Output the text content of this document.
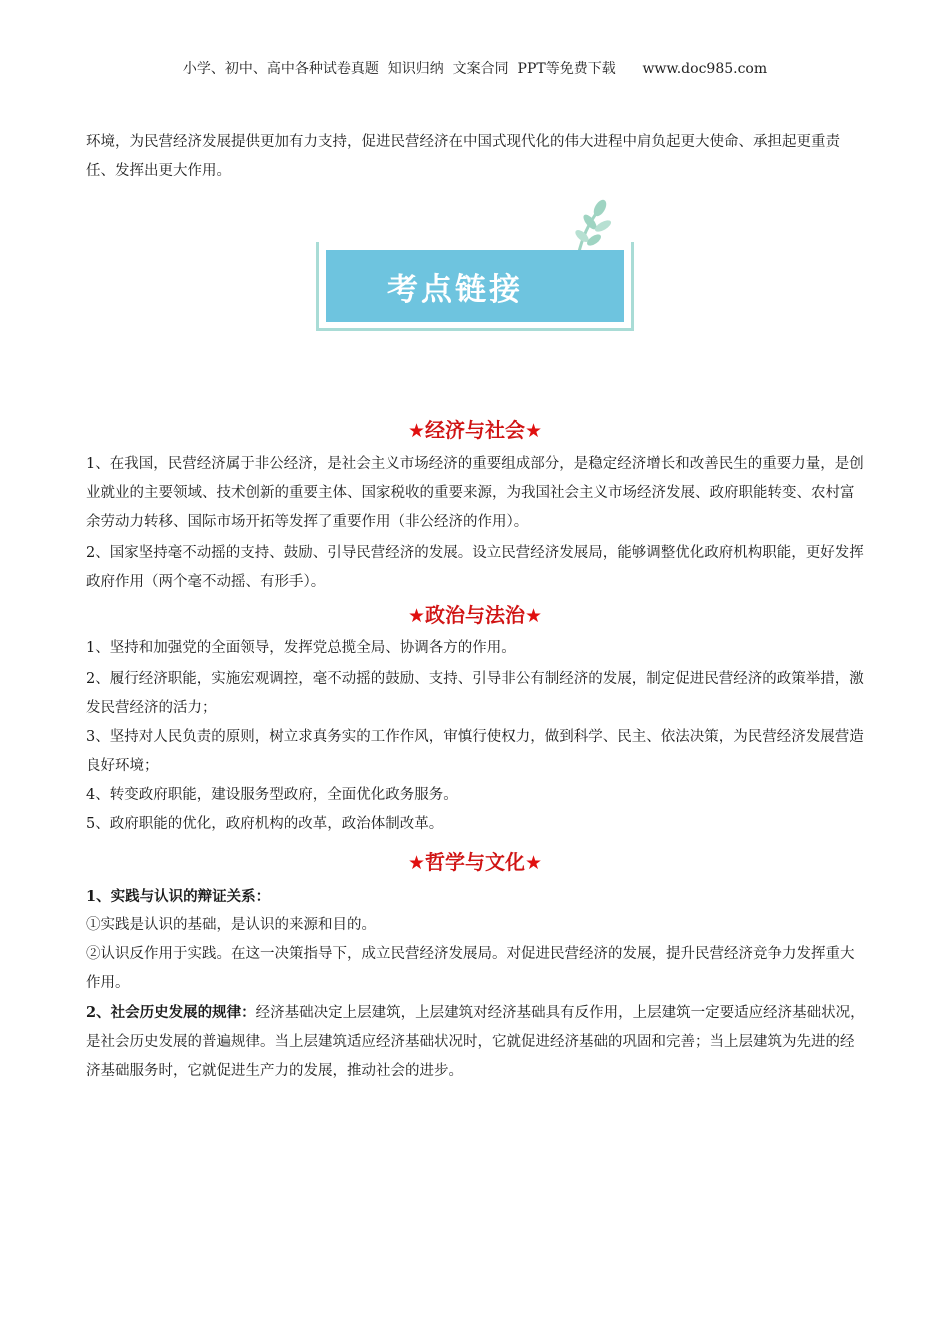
小学、初中、高中各种试卷真题  知识归纳  文案合同  PPT等免费下载      www.doc985.com

环境，为民营经济发展提供更加有力支持，促进民营经济在中国式现代化的伟大进程中肩负起更大使命、承担起更重责任、发挥出更大作用。

考点链接
★经济与社会★
1、在我国，民营经济属于非公经济，是社会主义市场经济的重要组成部分，是稳定经济增长和改善民生的重要力量，是创业就业的主要领域、技术创新的重要主体、国家税收的重要来源，为我国社会主义市场经济发展、政府职能转变、农村富余劳动力转移、国际市场开拓等发挥了重要作用（非公经济的作用）。
2、国家坚持毫不动摇的支持、鼓励、引导民营经济的发展。设立民营经济发展局，能够调整优化政府机构职能，更好发挥政府作用（两个毫不动摇、有形手）。
★政治与法治★
1、坚持和加强党的全面领导，发挥党总揽全局、协调各方的作用。
2、履行经济职能，实施宏观调控，毫不动摇的鼓励、支持、引导非公有制经济的发展，制定促进民营经济的政策举措，激发民营经济的活力；
3、坚持对人民负责的原则，树立求真务实的工作作风，审慎行使权力，做到科学、民主、依法决策，为民营经济发展营造良好环境；
4、转变政府职能，建设服务型政府，全面优化政务服务。
5、政府职能的优化，政府机构的改革，政治体制改革。
★哲学与文化★
1、实践与认识的辩证关系：
①实践是认识的基础，是认识的来源和目的。
②认识反作用于实践。在这一决策指导下，成立民营经济发展局。对促进民营经济的发展，提升民营经济竞争力发挥重大作用。
2、社会历史发展的规律：经济基础决定上层建筑，上层建筑对经济基础具有反作用，上层建筑一定要适应经济基础状况，是社会历史发展的普遍规律。当上层建筑适应经济基础状况时，它就促进经济基础的巩固和完善；当上层建筑为先进的经济基础服务时，它就促进生产力的发展，推动社会的进步。
